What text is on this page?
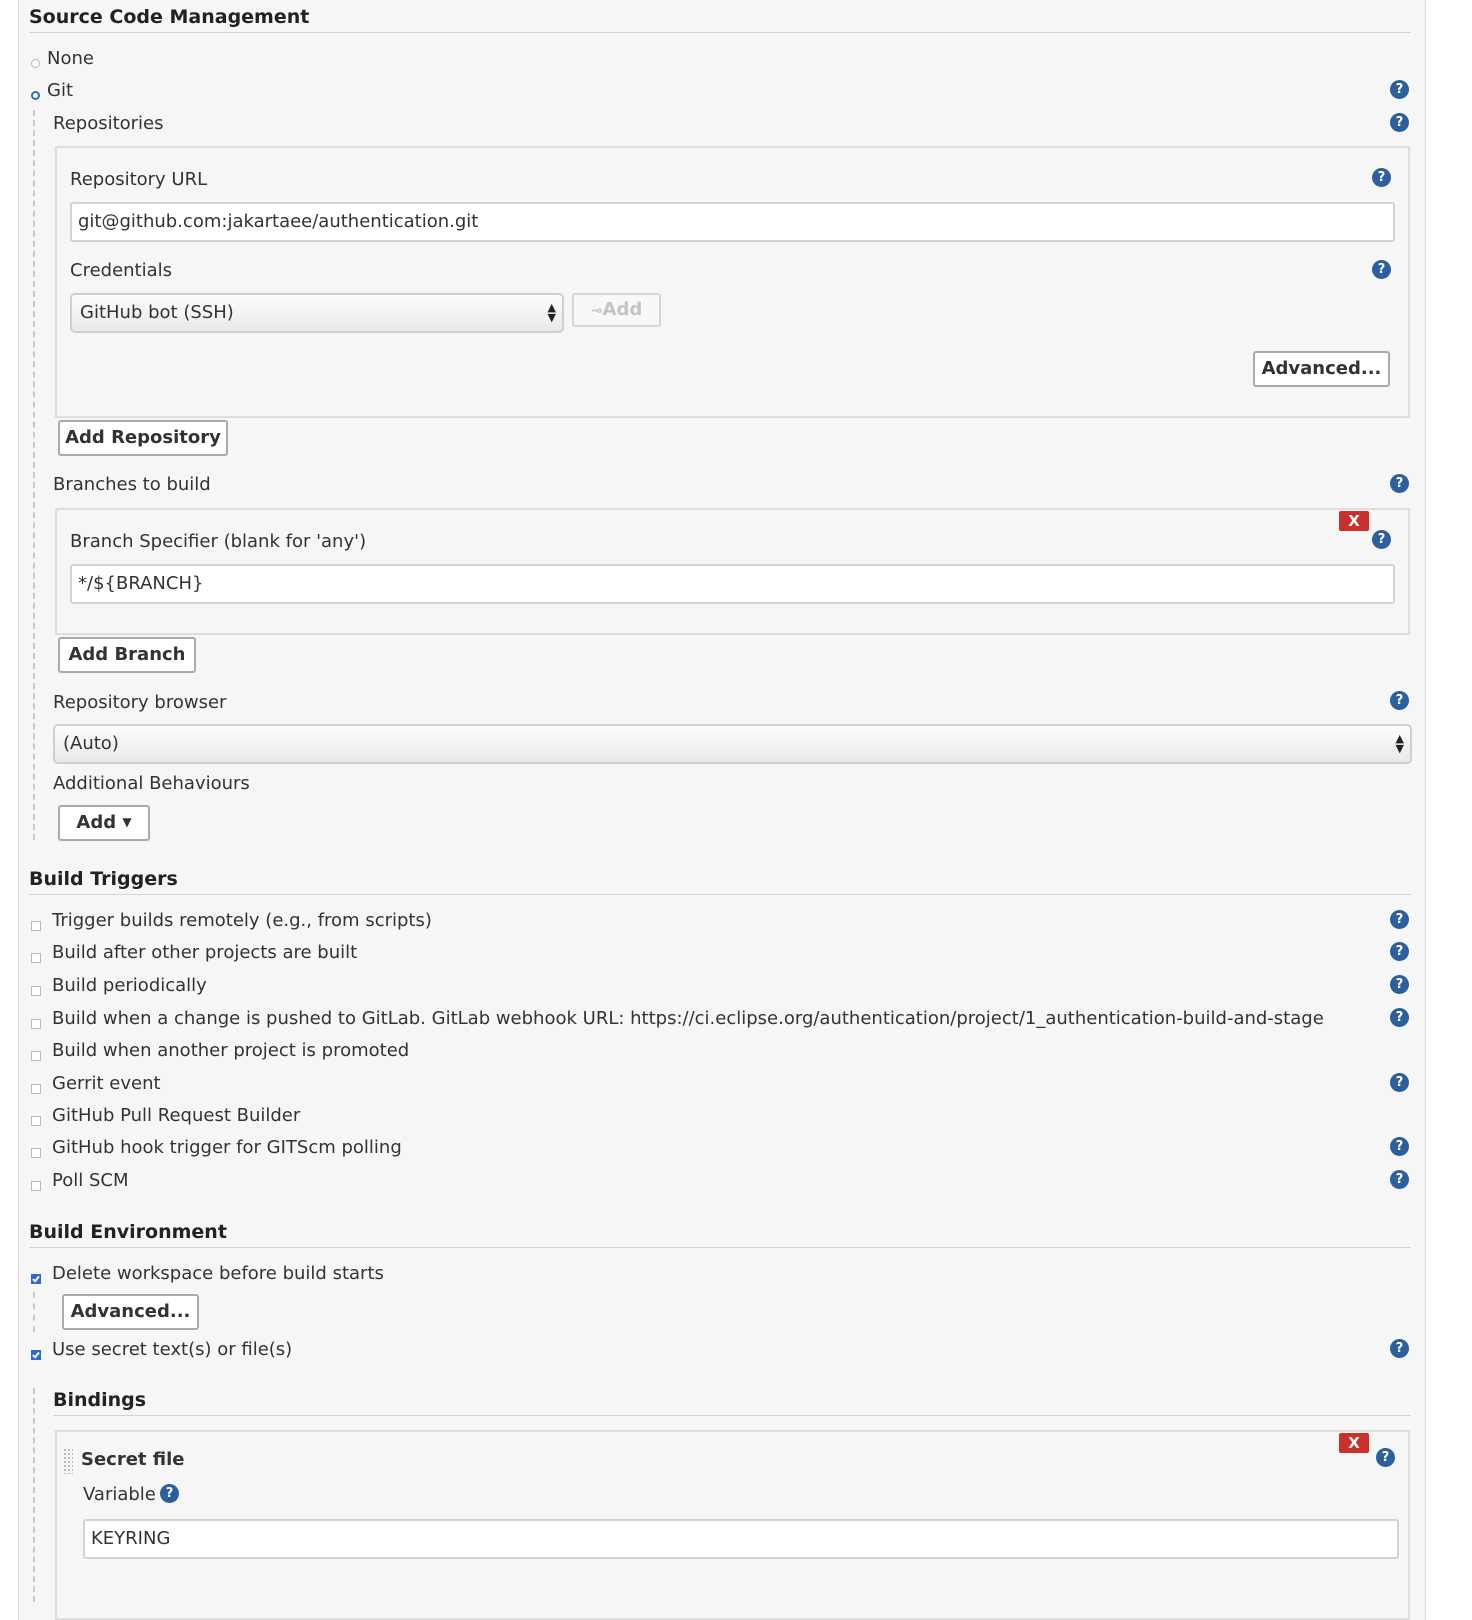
Source Code Management
None
Git	?
Repositories	?
Repository URL	?
git@github.com:jakartaee/authentication.git
Credentials	?
GitHub bot (SSH)	▲
▼	⊸Add
Advanced...
Add Repository
Branches to build	?
X
Branch Specifier (blank for 'any')	?
*/${BRANCH}
Add Branch
Repository browser	?
(Auto)	▲
▼
Additional Behaviours
Add ▼
Build Triggers
Trigger builds remotely (e.g., from scripts)	?
Build after other projects are built	?
Build periodically	?
Build when a change is pushed to GitLab. GitLab webhook URL: https://ci.eclipse.org/authentication/project/1_authentication-build-and-stage	?
Build when another project is promoted
Gerrit event	?
GitHub Pull Request Builder
GitHub hook trigger for GITScm polling	?
Poll SCM	?
Build Environment
Delete workspace before build starts
Advanced...
Use secret text(s) or file(s)	?
Bindings
Secret file
X
?
Variable ?
KEYRING
